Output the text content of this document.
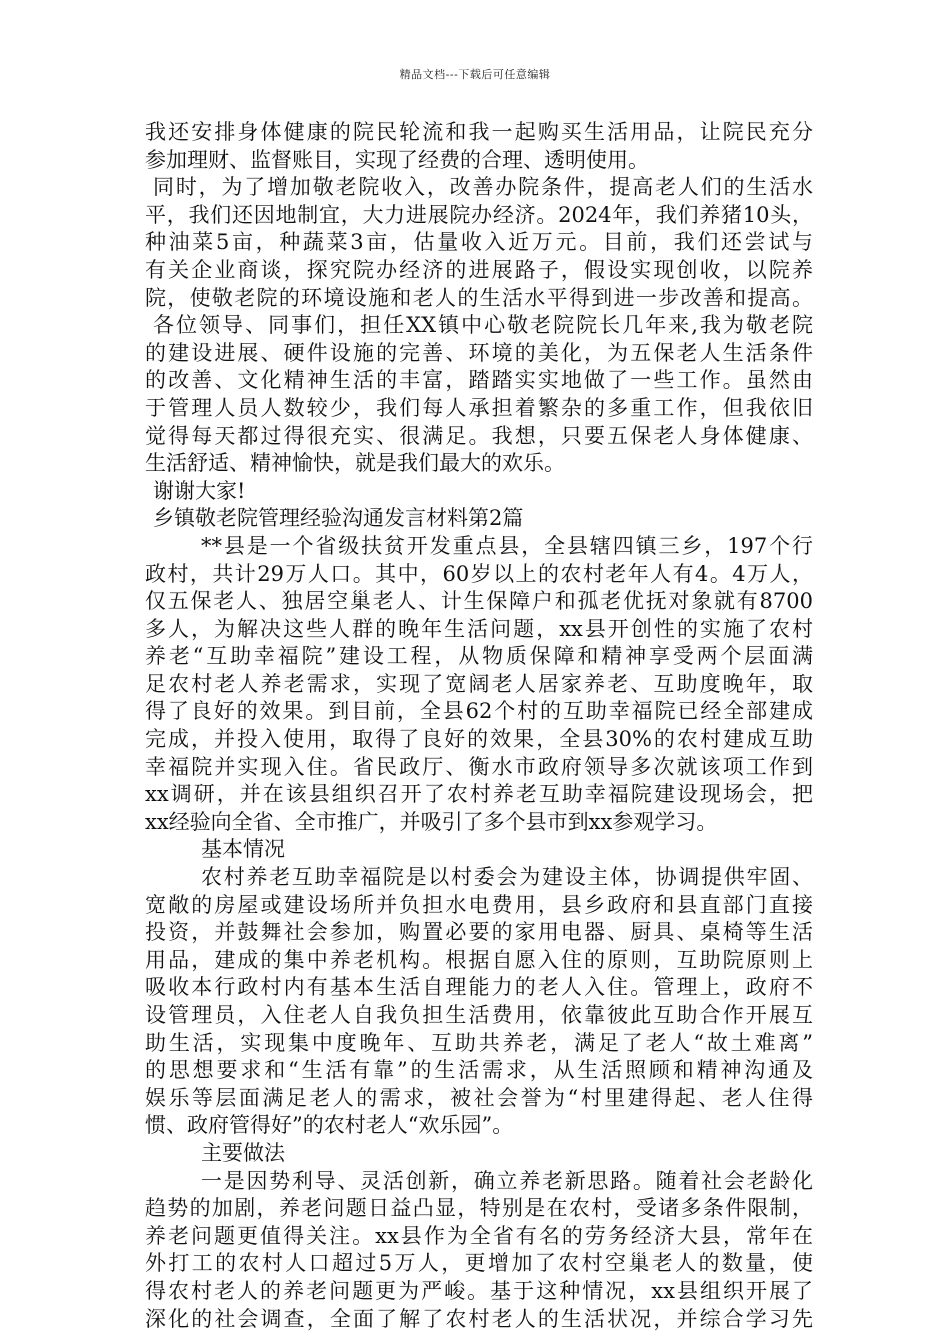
精品文档---下载后可任意编辑
我还安排身体健康的院民轮流和我一起购买生活用品，让院民充分
参加理财、监督账目，实现了经费的合理、透明使用。
同时，为了增加敬老院收入，改善办院条件，提高老人们的生活水
平，我们还因地制宜，大力进展院办经济。2024年，我们养猪10头，
种油菜5亩，种蔬菜3亩，估量收入近万元。目前，我们还尝试与
有关企业商谈，探究院办经济的进展路子，假设实现创收，以院养
院，使敬老院的环境设施和老人的生活水平得到进一步改善和提高。
各位领导、同事们，担任XX镇中心敬老院院长几年来,我为敬老院
的建设进展、硬件设施的完善、环境的美化，为五保老人生活条件
的改善、文化精神生活的丰富，踏踏实实地做了一些工作。虽然由
于管理人员人数较少，我们每人承担着繁杂的多重工作，但我依旧
觉得每天都过得很充实、很满足。我想，只要五保老人身体健康、
生活舒适、精神愉快，就是我们最大的欢乐。
谢谢大家!
乡镇敬老院管理经验沟通发言材料第2篇
**县是一个省级扶贫开发重点县，全县辖四镇三乡，197个行
政村，共计29万人口。其中，60岁以上的农村老年人有4。4万人，
仅五保老人、独居空巢老人、计生保障户和孤老优抚对象就有8700
多人，为解决这些人群的晚年生活问题，xx县开创性的实施了农村
养老“互助幸福院”建设工程，从物质保障和精神享受两个层面满
足农村老人养老需求，实现了宽阔老人居家养老、互助度晚年，取
得了良好的效果。到目前，全县62个村的互助幸福院已经全部建成
完成，并投入使用，取得了良好的效果，全县30%的农村建成互助
幸福院并实现入住。省民政厅、衡水市政府领导多次就该项工作到
xx调研，并在该县组织召开了农村养老互助幸福院建设现场会，把
xx经验向全省、全市推广，并吸引了多个县市到xx参观学习。
基本情况
农村养老互助幸福院是以村委会为建设主体，协调提供牢固、
宽敞的房屋或建设场所并负担水电费用，县乡政府和县直部门直接
投资，并鼓舞社会参加，购置必要的家用电器、厨具、桌椅等生活
用品，建成的集中养老机构。根据自愿入住的原则，互助院原则上
吸收本行政村内有基本生活自理能力的老人入住。管理上，政府不
设管理员，入住老人自我负担生活费用，依靠彼此互助合作开展互
助生活，实现集中度晚年、互助共养老，满足了老人“故土难离”
的思想要求和“生活有靠”的生活需求，从生活照顾和精神沟通及
娱乐等层面满足老人的需求，被社会誉为“村里建得起、老人住得
惯、政府管得好”的农村老人“欢乐园”。
主要做法
一是因势利导、灵活创新，确立养老新思路。随着社会老龄化
趋势的加剧，养老问题日益凸显，特别是在农村，受诸多条件限制，
养老问题更值得关注。xx县作为全省有名的劳务经济大县，常年在
外打工的农村人口超过5万人，更增加了农村空巢老人的数量，使
得农村老人的养老问题更为严峻。基于这种情况，xx县组织开展了
深化的社会调查，全面了解了农村老人的生活状况，并综合学习先
